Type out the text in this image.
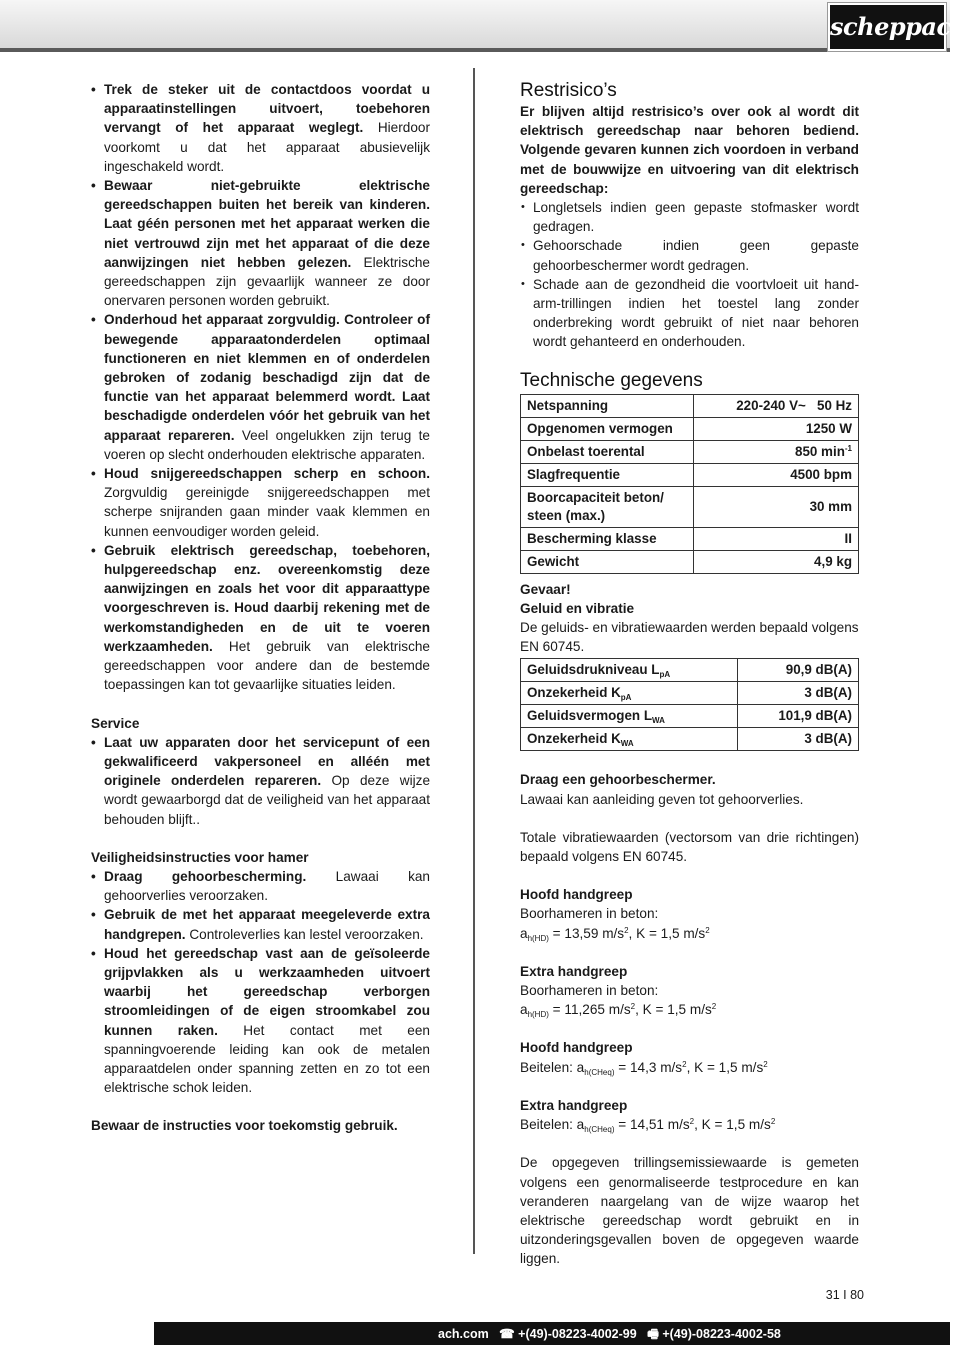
scheppach
• Trek de steker uit de contactdoos voordat u apparaatinstellingen uitvoert, toebehoren vervangt of het apparaat weglegt. Hierdoor voorkomt u dat het apparaat abusievelijk ingeschakeld wordt.
• Bewaar niet-gebruikte elektrische gereedschappen buiten het bereik van kinderen. Laat géén personen met het apparaat werken die niet vertrouwd zijn met het apparaat of die deze aanwijzingen niet hebben gelezen. Elektrische gereedschappen zijn gevaarlijk wanneer ze door onervaren personen worden gebruikt.
• Onderhoud het apparaat zorgvuldig. Controleer of bewegende apparaatonderdelen optimaal functioneren en niet klemmen en of onderdelen gebroken of zodanig beschadigd zijn dat de functie van het apparaat belemmerd wordt. Laat beschadigde onderdelen vóór het gebruik van het apparaat repareren. Veel ongelukken zijn terug te voeren op slecht onderhouden elektrische apparaten.
• Houd snijgereedschappen scherp en schoon. Zorgvuldig gereinigde snijgereedschappen met scherpe snijranden gaan minder vaak klemmen en kunnen eenvoudiger worden geleid.
• Gebruik elektrisch gereedschap, toebehoren, hulpgereedschap enz. overeenkomstig deze aanwijzingen en zoals het voor dit apparaattype voorgeschreven is. Houd daarbij rekening met de werkomstandigheden en de uit te voeren werkzaamheden. Het gebruik van elektrische gereedschappen voor andere dan de bestemde toepassingen kan tot gevaarlijke situaties leiden.

Service

• Laat uw apparaten door het servicepunt of een gekwalificeerd vakpersoneel en alléén met originele onderdelen repareren. Op deze wijze wordt gewaarborgd dat de veiligheid van het apparaat behouden blijft..

Veiligheidsinstructies voor hamer

• Draag gehoorbescherming. Lawaai kan gehoorverlies veroorzaken.
• Gebruik de met het apparaat meegeleverde extra handgrepen. Controleverlies kan lestel veroorzaken.
• Houd het gereedschap vast aan de geïsoleerde grijpvlakken als u werkzaamheden uitvoert waarbij het gereedschap verborgen stroomleidingen of de eigen stroomkabel zou kunnen raken. Het contact met een spanningvoerende leiding kan ook de metalen apparaatdelen onder spanning zetten en zo tot een elektrische schok leiden.

Bewaar de instructies voor toekomstig gebruik.

Restrisico’s

Er blijven altijd restrisico’s over ook al wordt dit elektrisch gereedschap naar behoren bediend. Volgende gevaren kunnen zich voordoen in verband met de bouwwijze en uitvoering van dit elektrisch gereedschap:

• Longletsels indien geen gepaste stofmasker wordt gedragen.
• Gehoorschade indien geen gepaste gehoorbeschermer wordt gedragen.
• Schade aan de gezondheid die voortvloeit uit hand-arm-trillingen indien het toestel lang zonder onderbreking wordt gebruikt of niet naar behoren wordt gehanteerd en onderhouden.
Technische gegevens
Netspanning	220-240 V~   50 Hz
Opgenomen vermogen	1250 W
Onbelast toerental	850 $\min^{-1}$
Slagfrequentie	4500 bpm
Boorcapaciteit beton/ steen (max.)	30 mm
Bescherming klasse	II
Gewicht	4,9 kg

Gevaar!

Geluid en vibratie

De geluids- en vibratiewaarden werden bepaald volgens EN 60745.

Geluidsdrukniveau $L_{pA}$	90,9 dB(A)
Onzekerheid $K_{pA}$	3 dB(A)
Geluidsvermogen $L_{WA}$	101,9 dB(A)
Onzekerheid $K_{WA}$	3 dB(A)

Draag een gehoorbeschermer.

Lawaai kan aanleiding geven tot gehoorverlies.

Totale vibratiewaarden (vectorsom van drie richtingen) bepaald volgens EN 60745.

Hoofd handgreep

Boorhameren in beton:

$a_{h(HD)} = 13,59$ $m/s^2$, K = 1,5 $m/s^2$

Extra handgreep

Boorhameren in beton:

$a_{h(HD)} = 11,265$ $m/s^2$, K = 1,5 $m/s^2$

Hoofd handgreep

Beitelen: $a_{h(CHeq)} = 14,3$ $m/s^2$, K = 1,5 $m/s^2$

Extra handgreep

Beitelen: $a_{h(CHeq)} = 14,51$ $m/s^2$, K = 1,5 $m/s^2$

De opgegeven trillingsemissiewaarde is gemeten volgens een genormaliseerde testprocedure en kan veranderen naargelang van de wijze waarop het elektrische gereedschap wordt gebruikt en in uitzonderingsgevallen boven de opgegeven waarde liggen.

31 I 80
ach.com   ☎ +(49)-08223-4002-99   🖷 +(49)-08223-4002-58
